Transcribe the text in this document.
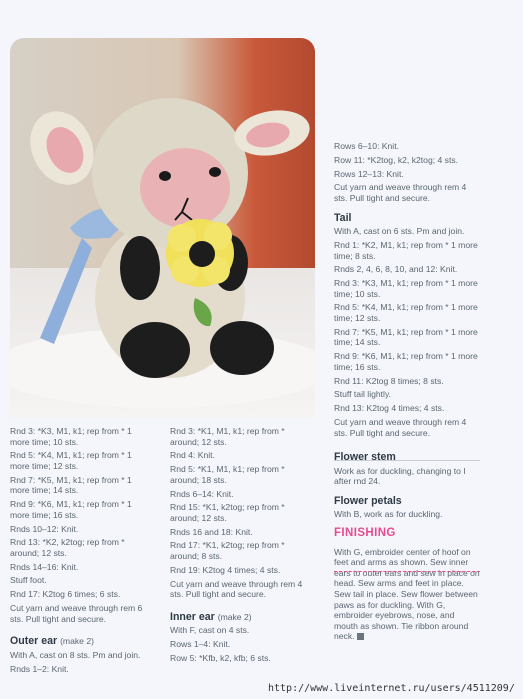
Rnd 3: *K3, M1, k1; rep from * 1 more time; 10 sts.

Rnd 5: *K4, M1, k1; rep from * 1 more time; 12 sts.

Rnd 7: *K5, M1, k1; rep from * 1 more time; 14 sts.

Rnd 9: *K6, M1, k1; rep from * 1 more time; 16 sts.

Rnds 10–12: Knit.

Rnd 13: *K2, k2tog; rep from * around; 12 sts.

Rnds 14–16: Knit.

Stuff foot.

Rnd 17: K2tog 6 times; 6 sts.

Cut yarn and weave through rem 6 sts. Pull tight and secure.

Outer ear (make 2)

With A, cast on 8 sts. Pm and join.

Rnds 1–2: Knit.

Rnd 3: *K1, M1, k1; rep from * around; 12 sts.

Rnd 4: Knit.

Rnd 5: *K1, M1, k1; rep from * around; 18 sts.

Rnds 6–14: Knit.

Rnd 15: *K1, k2tog; rep from * around; 12 sts.

Rnds 16 and 18: Knit.

Rnd 17: *K1, k2tog; rep from * around; 8 sts.

Rnd 19: K2tog 4 times; 4 sts.

Cut yarn and weave through rem 4 sts. Pull tight and secure.

Inner ear (make 2)

With F, cast on 4 sts.

Rows 1–4: Knit.

Row 5: *Kfb, k2, kfb; 6 sts.

Rows 6–10: Knit.

Row 11: *K2tog, k2, k2tog; 4 sts.

Rows 12–13: Knit.

Cut yarn and weave through rem 4 sts. Pull tight and secure.

Tail

With A, cast on 6 sts. Pm and join.

Rnd 1: *K2, M1, k1; rep from * 1 more time; 8 sts.

Rnds 2, 4, 6, 8, 10, and 12: Knit.

Rnd 3: *K3, M1, k1; rep from * 1 more time; 10 sts.

Rnd 5: *K4, M1, k1; rep from * 1 more time; 12 sts.

Rnd 7: *K5, M1, k1; rep from * 1 more time; 14 sts.

Rnd 9: *K6, M1, k1; rep from * 1 more time; 16 sts.

Rnd 11: K2tog 8 times; 8 sts.

Stuff tail lightly.

Rnd 13: K2tog 4 times; 4 sts.

Cut yarn and weave through rem 4 sts. Pull tight and secure.

Flower stem

Work as for duckling, changing to I after rnd 24.

Flower petals

With B, work as for duckling.

FINISHING

With G, embroider center of hoof on feet and arms as shown. Sew inner ears to outer ears and sew in place on head. Sew arms and feet in place. Sew tail in place. Sew flower between paws as for duckling. With G, embroider eyebrows, nose, and mouth as shown. Tie ribbon around neck.

http://www.liveinternet.ru/users/4511209/
